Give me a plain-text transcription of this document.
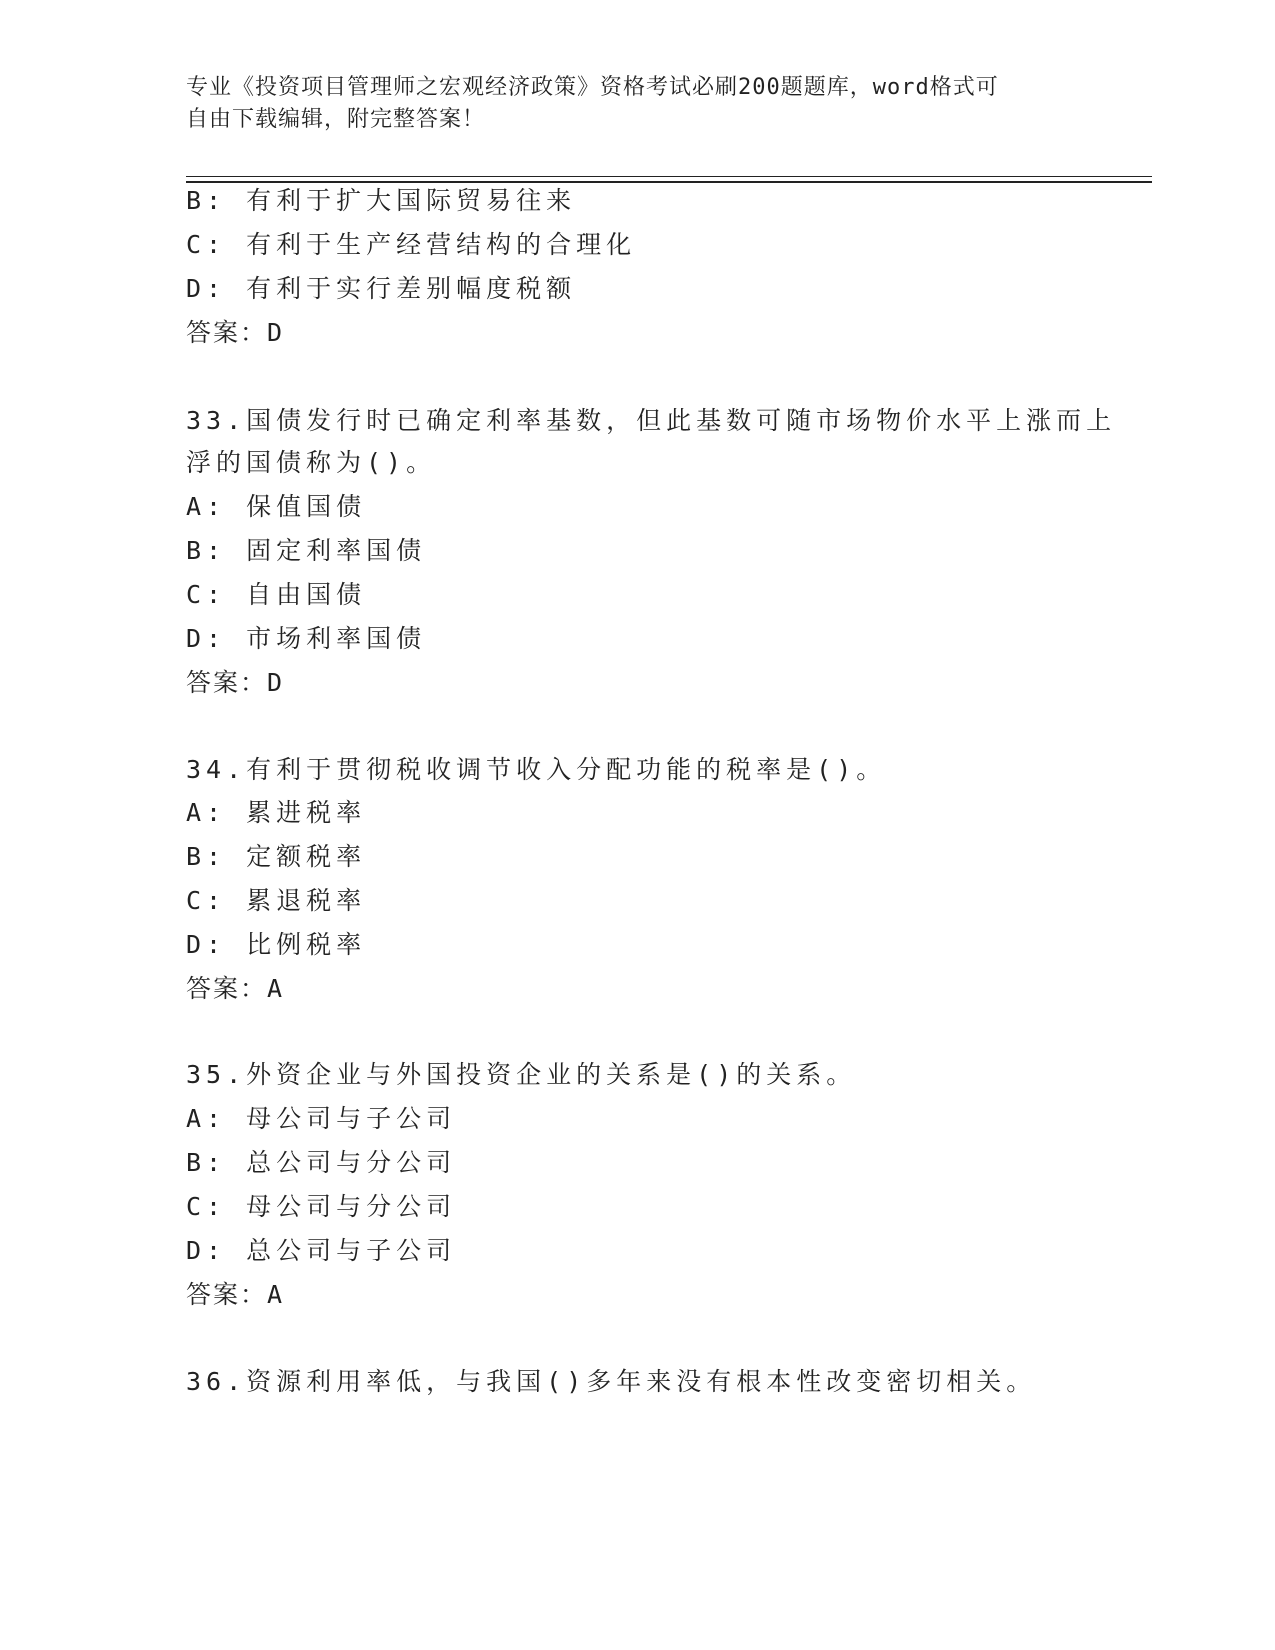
专业《投资项目管理师之宏观经济政策》资格考试必刷200题题库，word格式可
自由下载编辑，附完整答案！
B: 有利于扩大国际贸易往来
C: 有利于生产经营结构的合理化
D: 有利于实行差别幅度税额
答案：D
33.国债发行时已确定利率基数，但此基数可随市场物价水平上涨而上
浮的国债称为()。
A: 保值国债
B: 固定利率国债
C: 自由国债
D: 市场利率国债
答案：D
34.有利于贯彻税收调节收入分配功能的税率是()。
A: 累进税率
B: 定额税率
C: 累退税率
D: 比例税率
答案：A
35.外资企业与外国投资企业的关系是()的关系。
A: 母公司与子公司
B: 总公司与分公司
C: 母公司与分公司
D: 总公司与子公司
答案：A
36.资源利用率低，与我国()多年来没有根本性改变密切相关。
